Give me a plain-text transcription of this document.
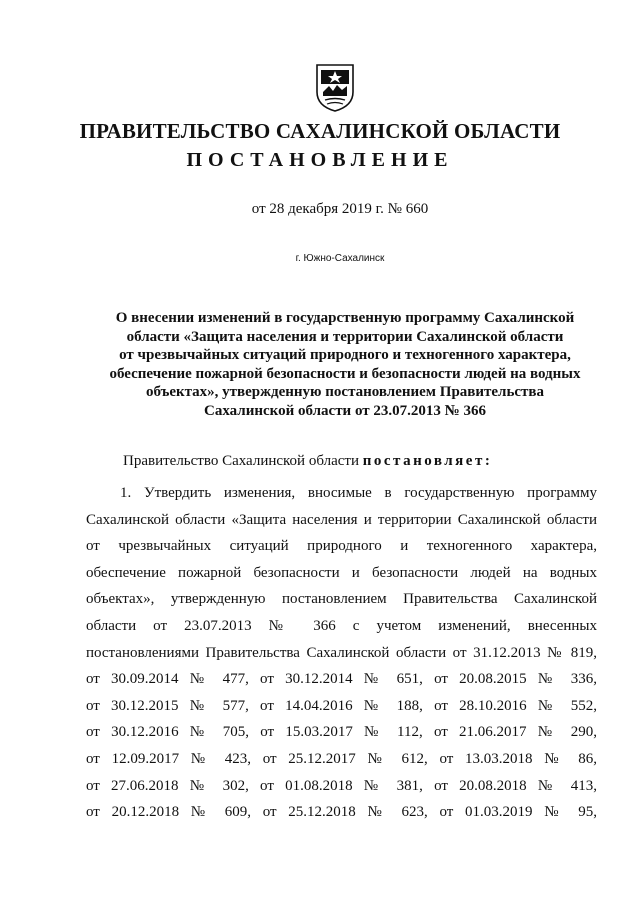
ПРАВИТЕЛЬСТВО САХАЛИНСКОЙ ОБЛАСТИ
ПОСТАНОВЛЕНИЕ

от 28 декабря 2019 г. № 660

г. Южно-Сахалинск

О внесении изменений в государственную программу Сахалинской
области «Защита населения и территории Сахалинской области
от чрезвычайных ситуаций природного и техногенного характера,
обеспечение пожарной безопасности и безопасности людей на водных
объектах», утвержденную постановлением Правительства
Сахалинской области от 23.07.2013 № 366

Правительство Сахалинской области постановляет:

1. Утвердить изменения, вносимые в государственную программу
Сахалинской области «Защита населения и территории Сахалинской области
от чрезвычайных ситуаций природного и техногенного характера,
обеспечение пожарной безопасности и безопасности людей на водных
объектах», утвержденную постановлением Правительства Сахалинской
области от 23.07.2013 № 366 с учетом изменений, внесенных
постановлениями Правительства Сахалинской области от 31.12.2013 № 819,
от 30.09.2014 № 477, от 30.12.2014 № 651, от 20.08.2015 № 336,
от 30.12.2015 № 577, от 14.04.2016 № 188, от 28.10.2016 № 552,
от 30.12.2016 № 705, от 15.03.2017 № 112, от 21.06.2017 № 290,
от 12.09.2017 № 423, от 25.12.2017 № 612, от 13.03.2018 № 86,
от 27.06.2018 № 302, от 01.08.2018 № 381, от 20.08.2018 № 413,
от 20.12.2018 № 609, от 25.12.2018 № 623, от 01.03.2019 № 95,
